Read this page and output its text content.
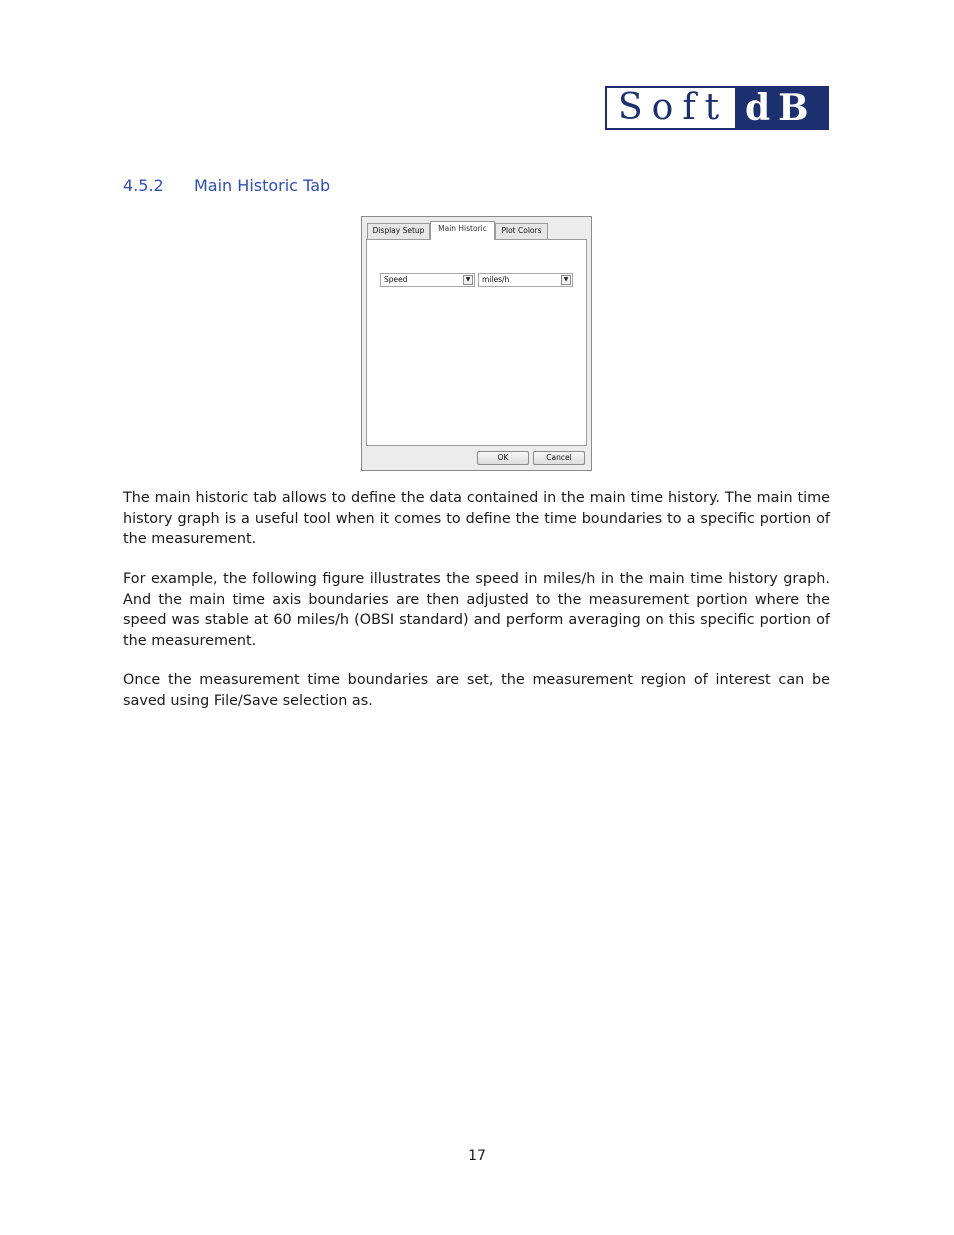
Soft dB
4.5.2 Main Historic Tab
Display Setup	Main Historic	Plot Colors
Speed	▼	miles/h	▼
OK	Cancel

The main historic tab allows to define the data contained in the main time history. The main time history graph is a useful tool when it comes to define the time boundaries to a specific portion of the measurement.

For example, the following figure illustrates the speed in miles/h in the main time history graph. And the main time axis boundaries are then adjusted to the measurement portion where the speed was stable at 60 miles/h (OBSI standard) and perform averaging on this specific portion of the measurement.

Once the measurement time boundaries are set, the measurement region of interest can be saved using File/Save selection as.

17
